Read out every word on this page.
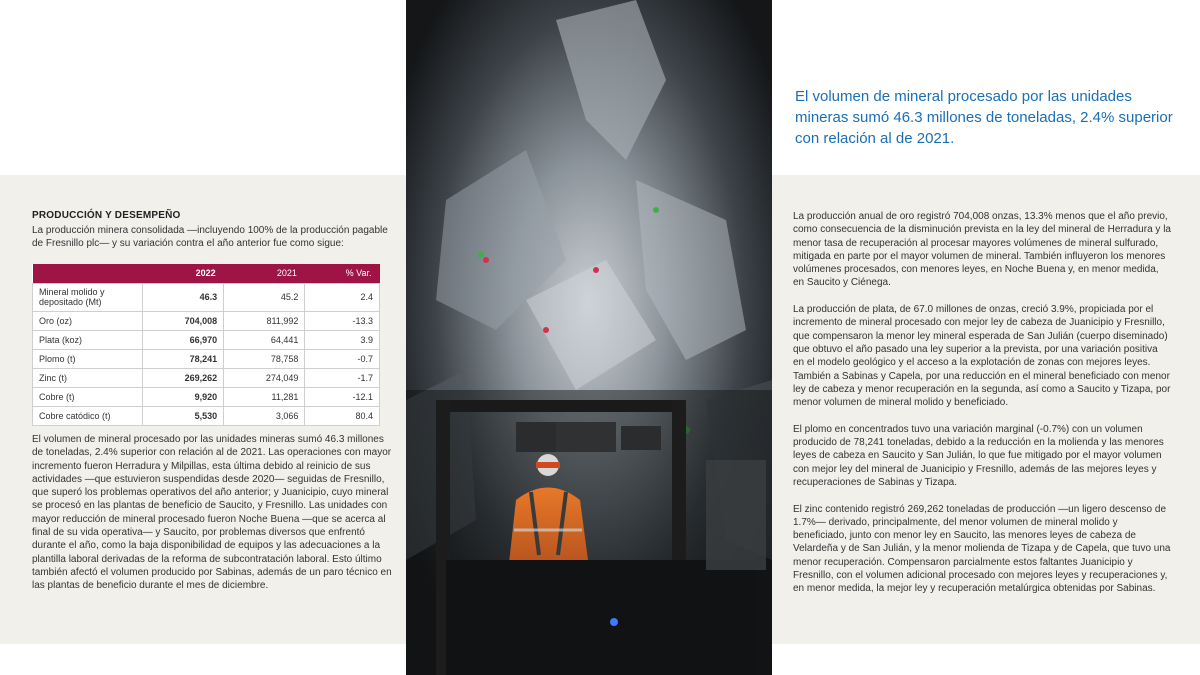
PRODUCCIÓN Y DESEMPEÑO
La producción minera consolidada —incluyendo 100% de la producción pagable de Fresnillo plc— y su variación contra el año anterior fue como sigue:
	2022	2021	% Var.
Mineral molido y depositado (Mt)	46.3	45.2	2.4
Oro (oz)	704,008	811,992	-13.3
Plata (koz)	66,970	64,441	3.9
Plomo (t)	78,241	78,758	-0.7
Zinc (t)	269,262	274,049	-1.7
Cobre (t)	9,920	11,281	-12.1
Cobre catódico (t)	5,530	3,066	80.4
El volumen de mineral procesado por las unidades mineras sumó 46.3 millones de toneladas, 2.4% superior con relación al de 2021. Las operaciones con mayor incremento fueron Herradura y Milpillas, esta última debido al reinicio de sus actividades —que estuvieron suspendidas desde 2020— seguidas de Fresnillo, que superó los problemas operativos del año anterior; y Juanicipio, cuyo mineral se procesó en las plantas de beneficio de Saucito, y Fresnillo. Las unidades con mayor reducción de mineral procesado fueron Noche Buena —que se acerca al final de su vida operativa— y Saucito, por problemas diversos que enfrentó durante el año, como la baja disponibilidad de equipos y las adecuaciones a la plantilla laboral derivadas de la reforma de subcontratación laboral. Esto último también afectó el volumen producido por Sabinas, además de un paro técnico en las plantas de beneficio durante el mes de diciembre.
El volumen de mineral procesado por las unidades mineras sumó 46.3 millones de toneladas, 2.4% superior con relación al de 2021.

La producción anual de oro registró 704,008 onzas, 13.3% menos que el año previo, como consecuencia de la disminución prevista en la ley del mineral de Herradura y la menor tasa de recuperación al procesar mayores volúmenes de mineral sulfurado, mitigada en parte por el mayor volumen de mineral. También influyeron los menores volúmenes procesados, con menores leyes, en Noche Buena y, en menor medida, en Saucito y Ciénega.

La producción de plata, de 67.0 millones de onzas, creció 3.9%, propiciada por el incremento de mineral procesado con mejor ley de cabeza de Juanicipio y Fresnillo, que compensaron la menor ley mineral esperada de San Julián (cuerpo diseminado) que obtuvo el año pasado una ley superior a la prevista, por una variación positiva en el modelo geológico y el acceso a la explotación de zonas con mejores leyes. También a Sabinas y Capela, por una reducción en el mineral beneficiado con menor ley de cabeza y menor recuperación en la segunda, así como a Saucito y Tizapa, por menor volumen de mineral molido y beneficiado.

El plomo en concentrados tuvo una variación marginal (-0.7%) con un volumen producido de 78,241 toneladas, debido a la reducción en la molienda y las menores leyes de cabeza en Saucito y San Julián, lo que fue mitigado por el mayor volumen con mejor ley del mineral de Juanicipio y Fresnillo, además de las mejores leyes y recuperaciones de Sabinas y Tizapa.

El zinc contenido registró 269,262 toneladas de producción —un ligero descenso de 1.7%— derivado, principalmente, del menor volumen de mineral molido y beneficiado, junto con menor ley en Saucito, las menores leyes de cabeza de Velardeña y de San Julián, y la menor molienda de Tizapa y de Capela, que tuvo una menor recuperación. Compensaron parcialmente estos faltantes Juanicipio y Fresnillo, con el volumen adicional procesado con mejores leyes y recuperaciones y, en menor medida, la mejor ley y recuperación metalúrgica obtenidas por Sabinas.
